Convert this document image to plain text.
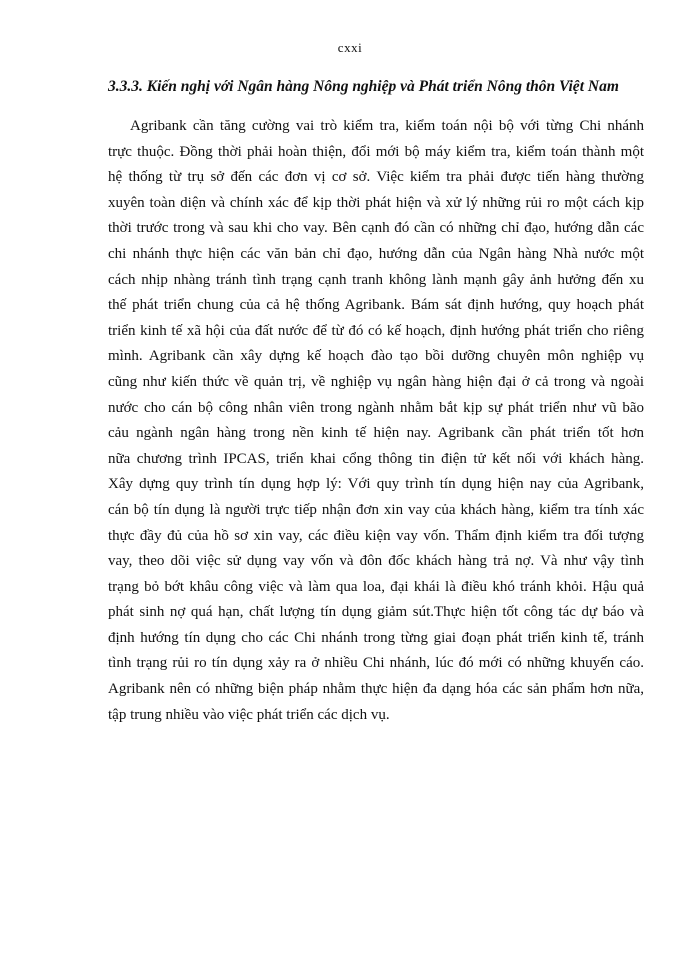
cxxi
3.3.3. Kiến nghị với Ngân hàng Nông nghiệp và Phát triển Nông thôn Việt Nam
Agribank cần tăng cường vai trò kiểm tra, kiểm toán nội bộ với từng Chi nhánh
trực thuộc. Đồng thời phải hoàn thiện, đổi mới bộ máy kiểm tra, kiểm toán thành một
hệ thống từ trụ sở đến các đơn vị cơ sở. Việc kiểm tra phải được tiến hàng thường
xuyên toàn diện và chính xác để kịp thời phát hiện và xử lý những rủi ro một cách kịp
thời trước trong và sau khi cho vay. Bên cạnh đó cần có những chỉ đạo, hướng dẫn các
chi nhánh thực hiện các văn bản chỉ đạo, hướng dẫn của Ngân hàng Nhà nước một
cách nhịp nhàng tránh tình trạng cạnh tranh không lành mạnh gây ảnh hưởng đến xu
thế phát triển chung của cả hệ thống Agribank. Bám sát định hướng, quy hoạch phát
triển kinh tế xã hội của đất nước để từ đó có kế hoạch, định hướng phát triển cho riêng
mình. Agribank cần xây dựng kế hoạch đào tạo bồi dưỡng chuyên môn nghiệp vụ
cũng như kiến thức về quản trị, về nghiệp vụ ngân hàng hiện đại ở cả trong và ngoài
nước cho cán bộ công nhân viên trong ngành nhằm bắt kịp sự phát triển như vũ bão
cảu ngành ngân hàng trong nền kinh tế hiện nay. Agribank cần phát triển tốt hơn
nữa chương trình IPCAS, triển khai cổng thông tin điện tử kết nối với khách hàng.
Xây dựng quy trình tín dụng hợp lý: Với quy trình tín dụng hiện nay của Agribank,
cán bộ tín dụng là người trực tiếp nhận đơn xin vay của khách hàng, kiểm tra tính xác
thực đầy đủ của hồ sơ xin vay, các điều kiện vay vốn. Thẩm định kiểm tra đối tượng
vay, theo dõi việc sử dụng vay vốn và đôn đốc khách hàng trả nợ. Và như vậy tình
trạng bỏ bớt khâu công việc và làm qua loa, đại khái là điều khó tránh khỏi. Hậu quả
phát sinh nợ quá hạn, chất lượng tín dụng giảm sút.Thực hiện tốt công tác dự báo và
định hướng tín dụng cho các Chi nhánh trong từng giai đoạn phát triển kinh tế, tránh
tình trạng rủi ro tín dụng xảy ra ở nhiều Chi nhánh, lúc đó mới có những khuyến cáo.
Agribank nên có những biện pháp nhằm thực hiện đa dạng hóa các sản phẩm hơn nữa,
tập trung nhiều vào việc phát triển các dịch vụ.
